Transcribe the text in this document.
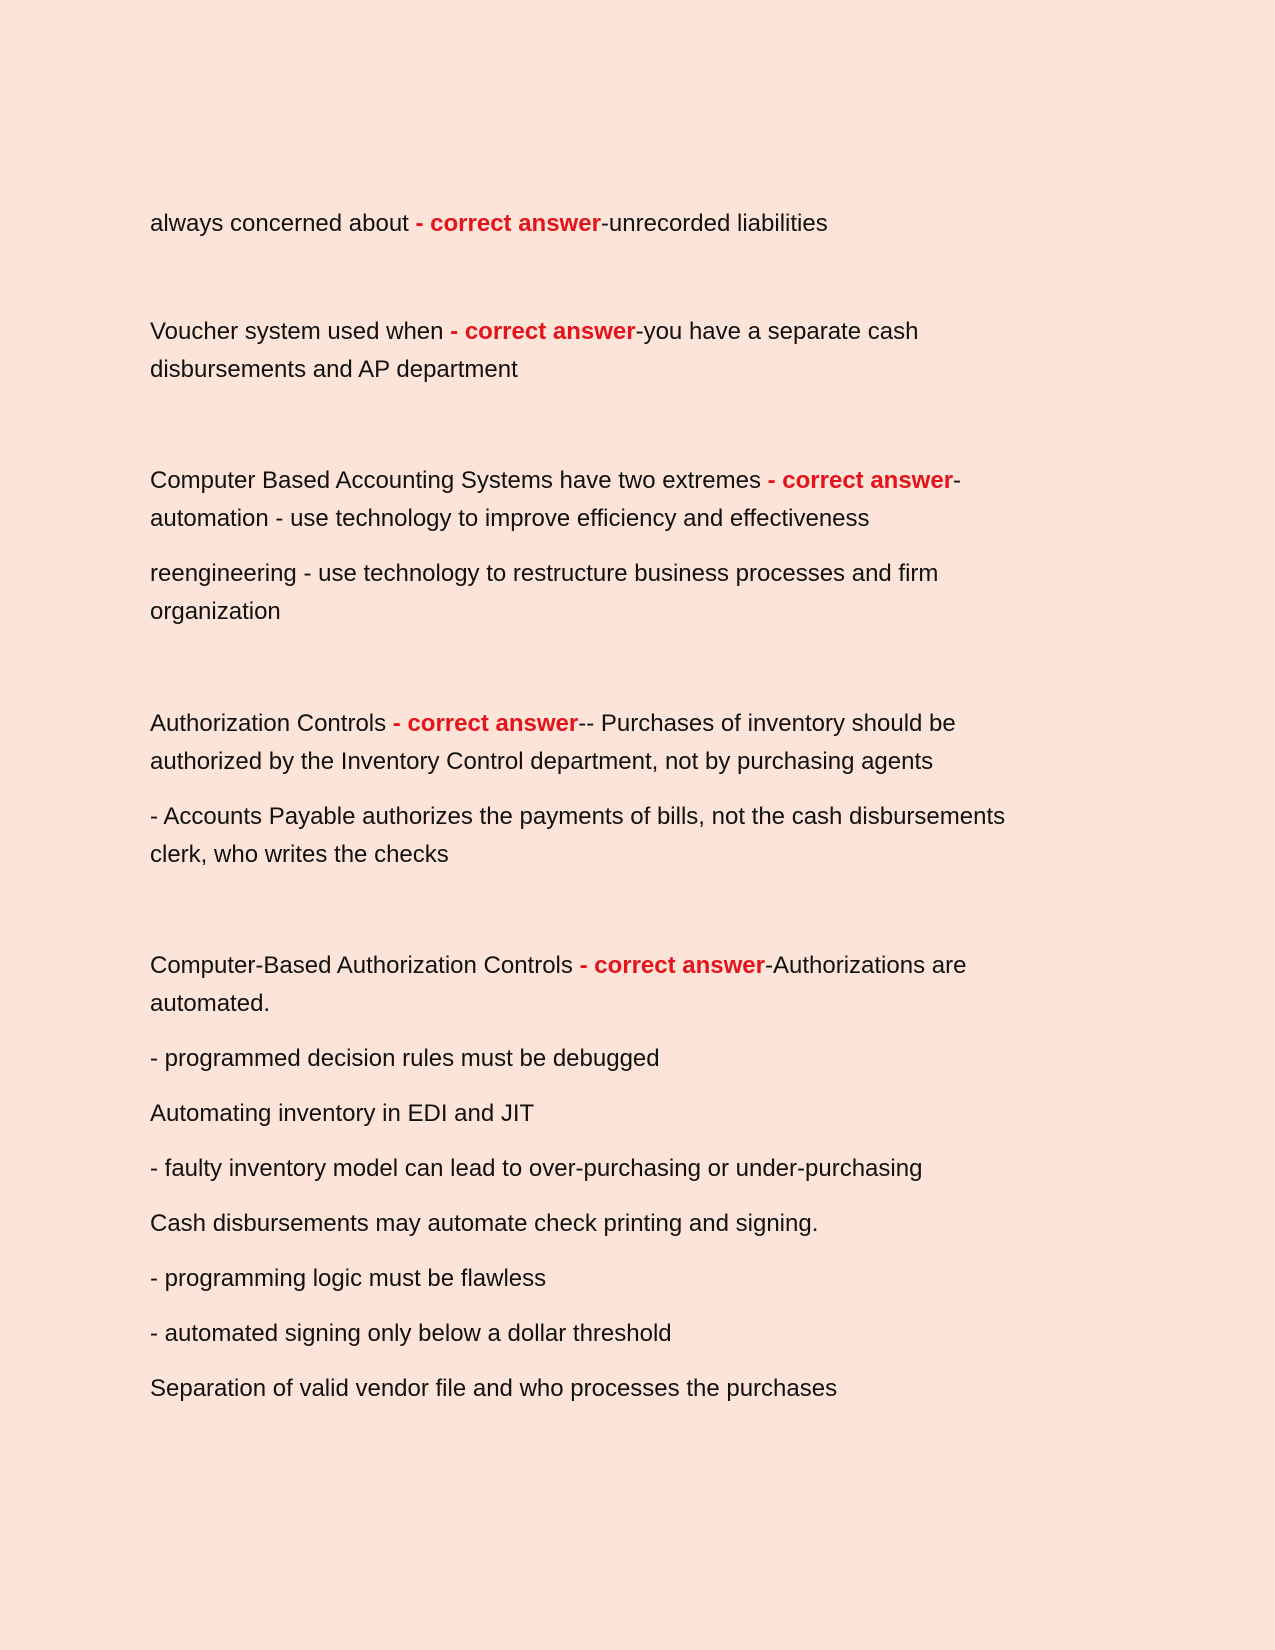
always concerned about - correct answer-unrecorded liabilities

Voucher system used when - correct answer-you have a separate cash

disbursements and AP department

Computer Based Accounting Systems have two extremes - correct answer-

automation - use technology to improve efficiency and effectiveness

reengineering - use technology to restructure business processes and firm

organization

Authorization Controls - correct answer-- Purchases of inventory should be

authorized by the Inventory Control department, not by purchasing agents

- Accounts Payable authorizes the payments of bills, not the cash disbursements

clerk, who writes the checks

Computer-Based Authorization Controls - correct answer-Authorizations are

automated.

- programmed decision rules must be debugged

Automating inventory in EDI and JIT

- faulty inventory model can lead to over-purchasing or under-purchasing

Cash disbursements may automate check printing and signing.

- programming logic must be flawless

- automated signing only below a dollar threshold

Separation of valid vendor file and who processes the purchases
